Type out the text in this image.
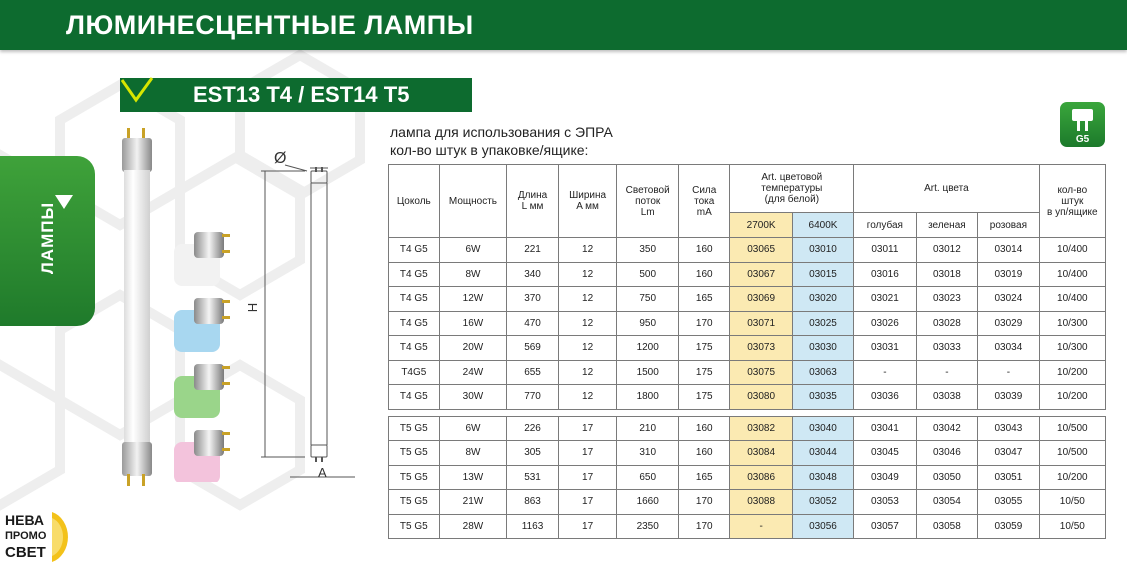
ЛЮМИНЕСЦЕНТНЫЕ ЛАМПЫ
EST13 T4 / EST14 T5
ЛАМПЫ
Ø
H
A
лампа для использования с ЭПРА
кол-во штук в упаковке/ящике:
G5
Цоколь	Мощность	Длина
L мм	Ширина
A мм	Световой
поток
Lm	Сила
тока
mA	Art. цветовой
температуры
(для белой)		Art. цвета			кол-во
штук
в уп/ящике
						2700K	6400K	голубая	зеленая	розовая	
T4 G5	6W	221	12	350	160	03065	03010	03011	03012	03014	10/400
T4 G5	8W	340	12	500	160	03067	03015	03016	03018	03019	10/400
T4 G5	12W	370	12	750	165	03069	03020	03021	03023	03024	10/400
T4 G5	16W	470	12	950	170	03071	03025	03026	03028	03029	10/300
T4 G5	20W	569	12	1200	175	03073	03030	03031	03033	03034	10/300
T4G5	24W	655	12	1500	175	03075	03063	-	-	-	10/200
T4 G5	30W	770	12	1800	175	03080	03035	03036	03038	03039	10/200

T5 G5	6W	226	17	210	160	03082	03040	03041	03042	03043	10/500
T5 G5	8W	305	17	310	160	03084	03044	03045	03046	03047	10/500
T5 G5	13W	531	17	650	165	03086	03048	03049	03050	03051	10/200
T5 G5	21W	863	17	1660	170	03088	03052	03053	03054	03055	10/50
T5 G5	28W	1163	17	2350	170	-	03056	03057	03058	03059	10/50
НЕВА
ПРОМО
СВЕТ
